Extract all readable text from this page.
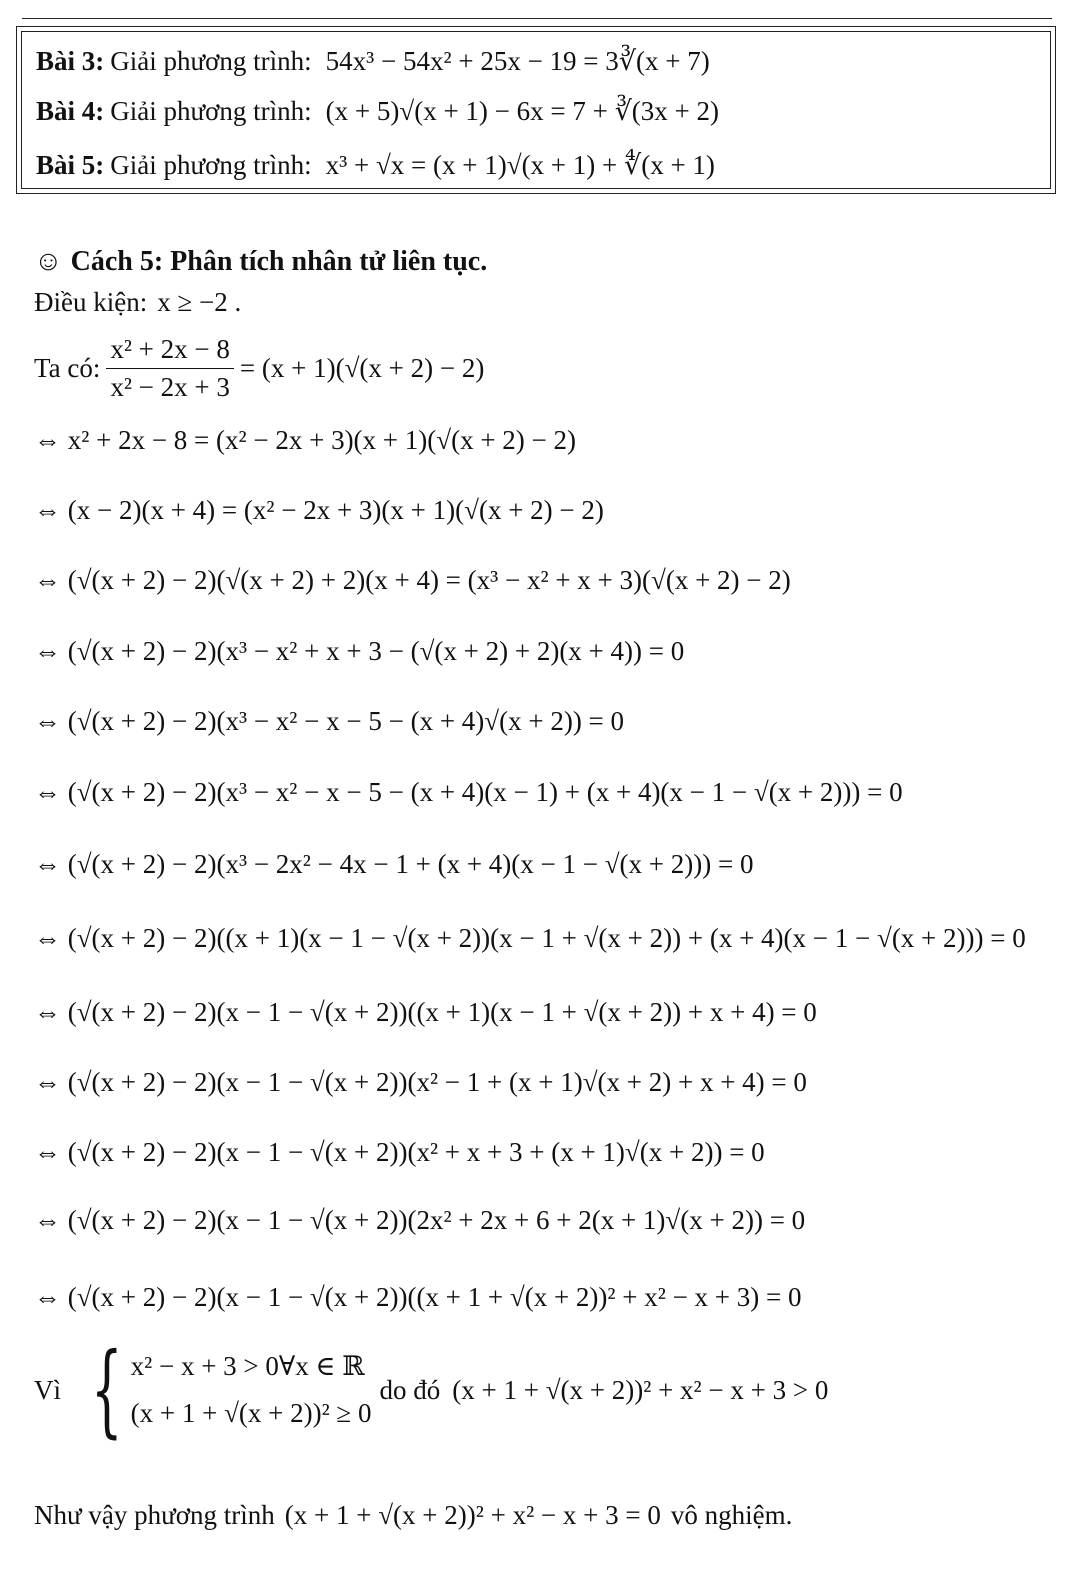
Bài 3: Giải phương trình: 54x³ − 54x² + 25x − 19 = 3∛(x + 7)
Bài 4: Giải phương trình: (x + 5)√(x + 1) − 6x = 7 + ∛(3x + 2)
Bài 5: Giải phương trình: x³ + √x = (x + 1)√(x + 1) + ∜(x + 1)
☺ Cách 5: Phân tích nhân tử liên tục.
Điều kiện: x ≥ −2 .
Ta có: $\frac{\text{x² + 2x − 8}}{\text{x² − 2x + 3}} = (x + 1)(√(x + 2) - 2)$
⇔ x² + 2x − 8 = (x² − 2x + 3)(x + 1)(√(x + 2) − 2)
⇔ (x − 2)(x + 4) = (x² − 2x + 3)(x + 1)(√(x + 2) − 2)
⇔ (√(x + 2) − 2)(√(x + 2) + 2)(x + 4) = (x³ − x² + x + 3)(√(x + 2) − 2)
⇔ (√(x + 2) − 2)(x³ − x² + x + 3 − (√(x + 2) + 2)(x + 4)) = 0
⇔ (√(x + 2) − 2)(x³ − x² − x − 5 − (x + 4)√(x + 2)) = 0
⇔ (√(x + 2) − 2)(x³ − x² − x − 5 − (x + 4)(x − 1) + (x + 4)(x − 1 − √(x + 2))) = 0
⇔ (√(x + 2) − 2)(x³ − 2x² − 4x − 1 + (x + 4)(x − 1 − √(x + 2))) = 0
⇔ (√(x + 2) − 2)((x + 1)(x − 1 − √(x + 2))(x − 1 + √(x + 2)) + (x + 4)(x − 1 − √(x + 2))) = 0
⇔ (√(x + 2) − 2)(x − 1 − √(x + 2))((x + 1)(x − 1 + √(x + 2)) + x + 4) = 0
⇔ (√(x + 2) − 2)(x − 1 − √(x + 2))(x² − 1 + (x + 1)√(x + 2) + x + 4) = 0
⇔ (√(x + 2) − 2)(x − 1 − √(x + 2))(x² + x + 3 + (x + 1)√(x + 2)) = 0
⇔ (√(x + 2) − 2)(x − 1 − √(x + 2))(2x² + 2x + 6 + 2(x + 1)√(x + 2)) = 0
⇔ (√(x + 2) − 2)(x − 1 − √(x + 2))((x + 1 + √(x + 2))² + x² − x + 3) = 0
Vì { x² − x + 3 > 0∀x ∈ ℝ
(x + 1 + √(x + 2))² ≥ 0
do đó (x + 1 + √(x + 2))² + x² − x + 3 > 0
Như vậy phương trình (x + 1 + √(x + 2))² + x² − x + 3 = 0 vô nghiệm.
